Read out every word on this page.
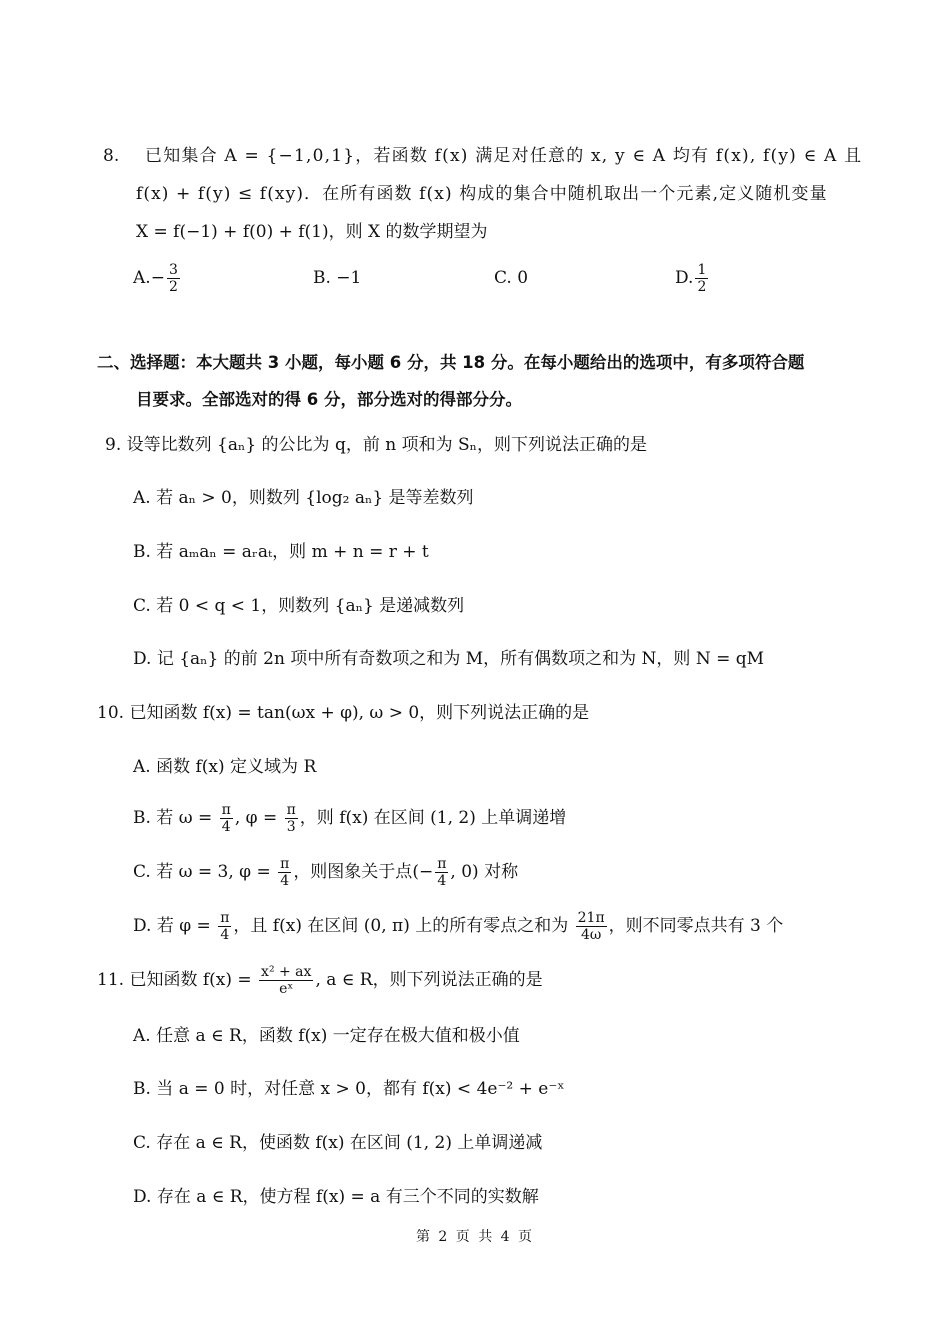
8. 已知集合 A = {−1,0,1}，若函数 f(x) 满足对任意的 x, y ∈ A 均有 f(x), f(y) ∈ A 且
f(x) + f(y) ≤ f(xy)．在所有函数 f(x) 构成的集合中随机取出一个元素,定义随机变量
X = f(−1) + f(0) + f(1)，则 X 的数学期望为
$A.- \frac{3}{2}$	B. −1	C. 0	D. $\frac{1}{2}$
二、选择题：本大题共 3 小题，每小题 6 分，共 18 分。在每小题给出的选项中，有多项符合题
目要求。全部选对的得 6 分，部分选对的得部分分。
9. 设等比数列 {aₙ} 的公比为 q，前 n 项和为 Sₙ，则下列说法正确的是
A. 若 aₙ > 0，则数列 {log₂ aₙ} 是等差数列
B. 若 aₘaₙ = aᵣaₜ，则 m + n = r + t
C. 若 0 < q < 1，则数列 {aₙ} 是递减数列
D. 记 {aₙ} 的前 2n 项中所有奇数项之和为 M，所有偶数项之和为 N，则 N = qM
10. 已知函数 f(x) = tan(ωx + φ), ω > 0，则下列说法正确的是
A. 函数 f(x) 定义域为 R
B. 若 $\omega = \frac{\pi}{4}$ , $\varphi = \frac{\pi}{3}$ ，则 f(x) 在区间 (1, 2) 上单调递增
C. 若 ω = 3, $\varphi = \frac{\pi}{4}$ ，则图象关于点(− $\frac{\pi}{4}$ , 0) 对称
D. 若 $\varphi = \frac{\pi}{4}$ ，且 f(x) 在区间 (0, π) 上的所有零点之和为 $\frac{21\pi}{4\omega}$ ，则不同零点共有 3 个
11. 已知函数 $f(x) = \frac{\text{x² + ax}}{\text{eˣ}}$ , a ∈ R，则下列说法正确的是
A. 任意 a ∈ R，函数 f(x) 一定存在极大值和极小值
B. 当 a = 0 时，对任意 x > 0，都有 f(x) < 4e⁻² + e⁻ˣ
C. 存在 a ∈ R，使函数 f(x) 在区间 (1, 2) 上单调递减
D. 存在 a ∈ R，使方程 f(x) = a 有三个不同的实数解
第 2 页 共 4 页
